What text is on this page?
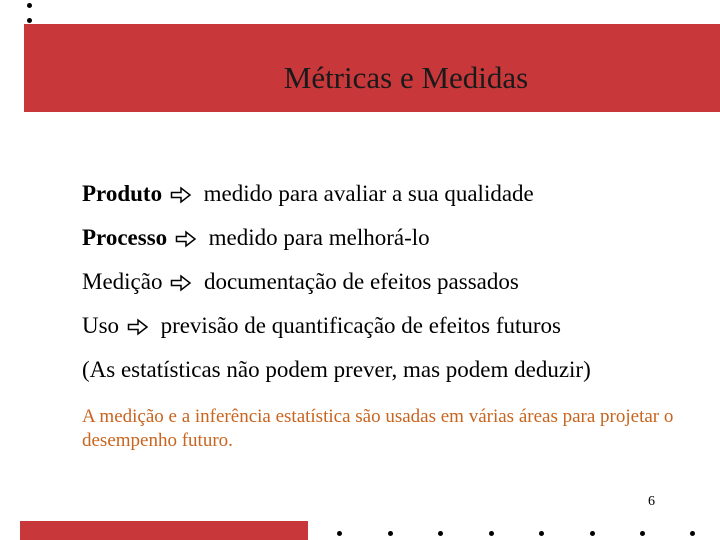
Métricas e Medidas
Produto medido para avaliar a sua qualidade
Processo medido para melhorá-lo
Medição documentação de efeitos passados
Uso previsão de quantificação de efeitos futuros
(As estatísticas não podem prever, mas podem deduzir)
A medição e a inferência estatística são usadas em várias áreas para projetar o desempenho futuro.
6
